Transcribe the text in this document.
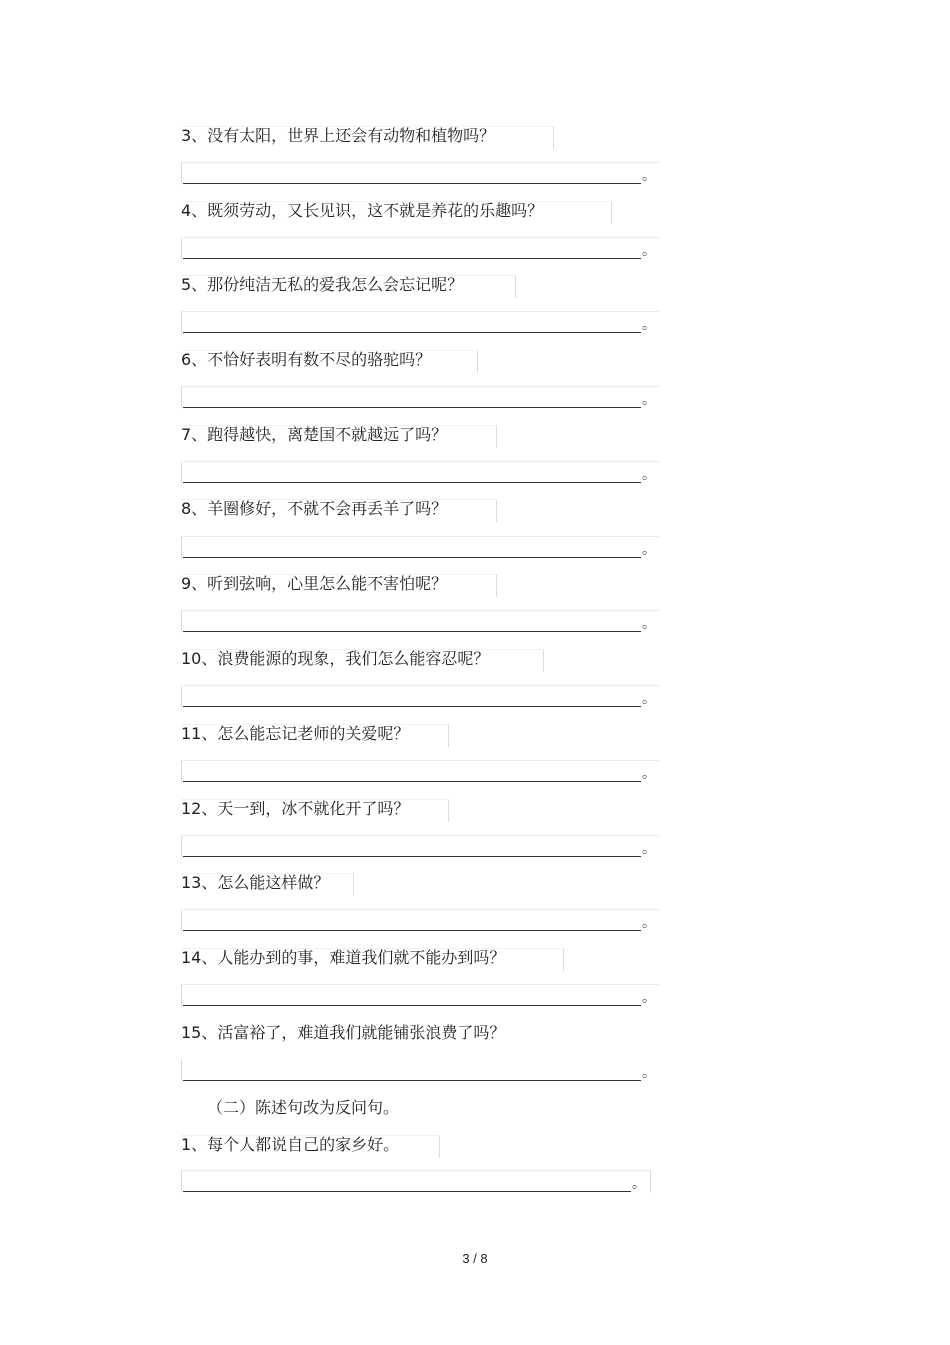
3、没有太阳，世界上还会有动物和植物吗？
。
4、既须劳动，又长见识，这不就是养花的乐趣吗？
。
5、那份纯洁无私的爱我怎么会忘记呢？
。
6、不恰好表明有数不尽的骆驼吗？
。
7、跑得越快，离楚国不就越远了吗？
。
8、羊圈修好，不就不会再丢羊了吗？
。
9、听到弦响，心里怎么能不害怕呢？
。
10、浪费能源的现象，我们怎么能容忍呢？
。
11、怎么能忘记老师的关爱呢？
。
12、天一到，冰不就化开了吗？
。
13、怎么能这样做？
。
14、人能办到的事，难道我们就不能办到吗？
。
15、活富裕了，难道我们就能铺张浪费了吗？
。
（二）陈述句改为反问句。
1、每个人都说自己的家乡好。
。
3 / 8
